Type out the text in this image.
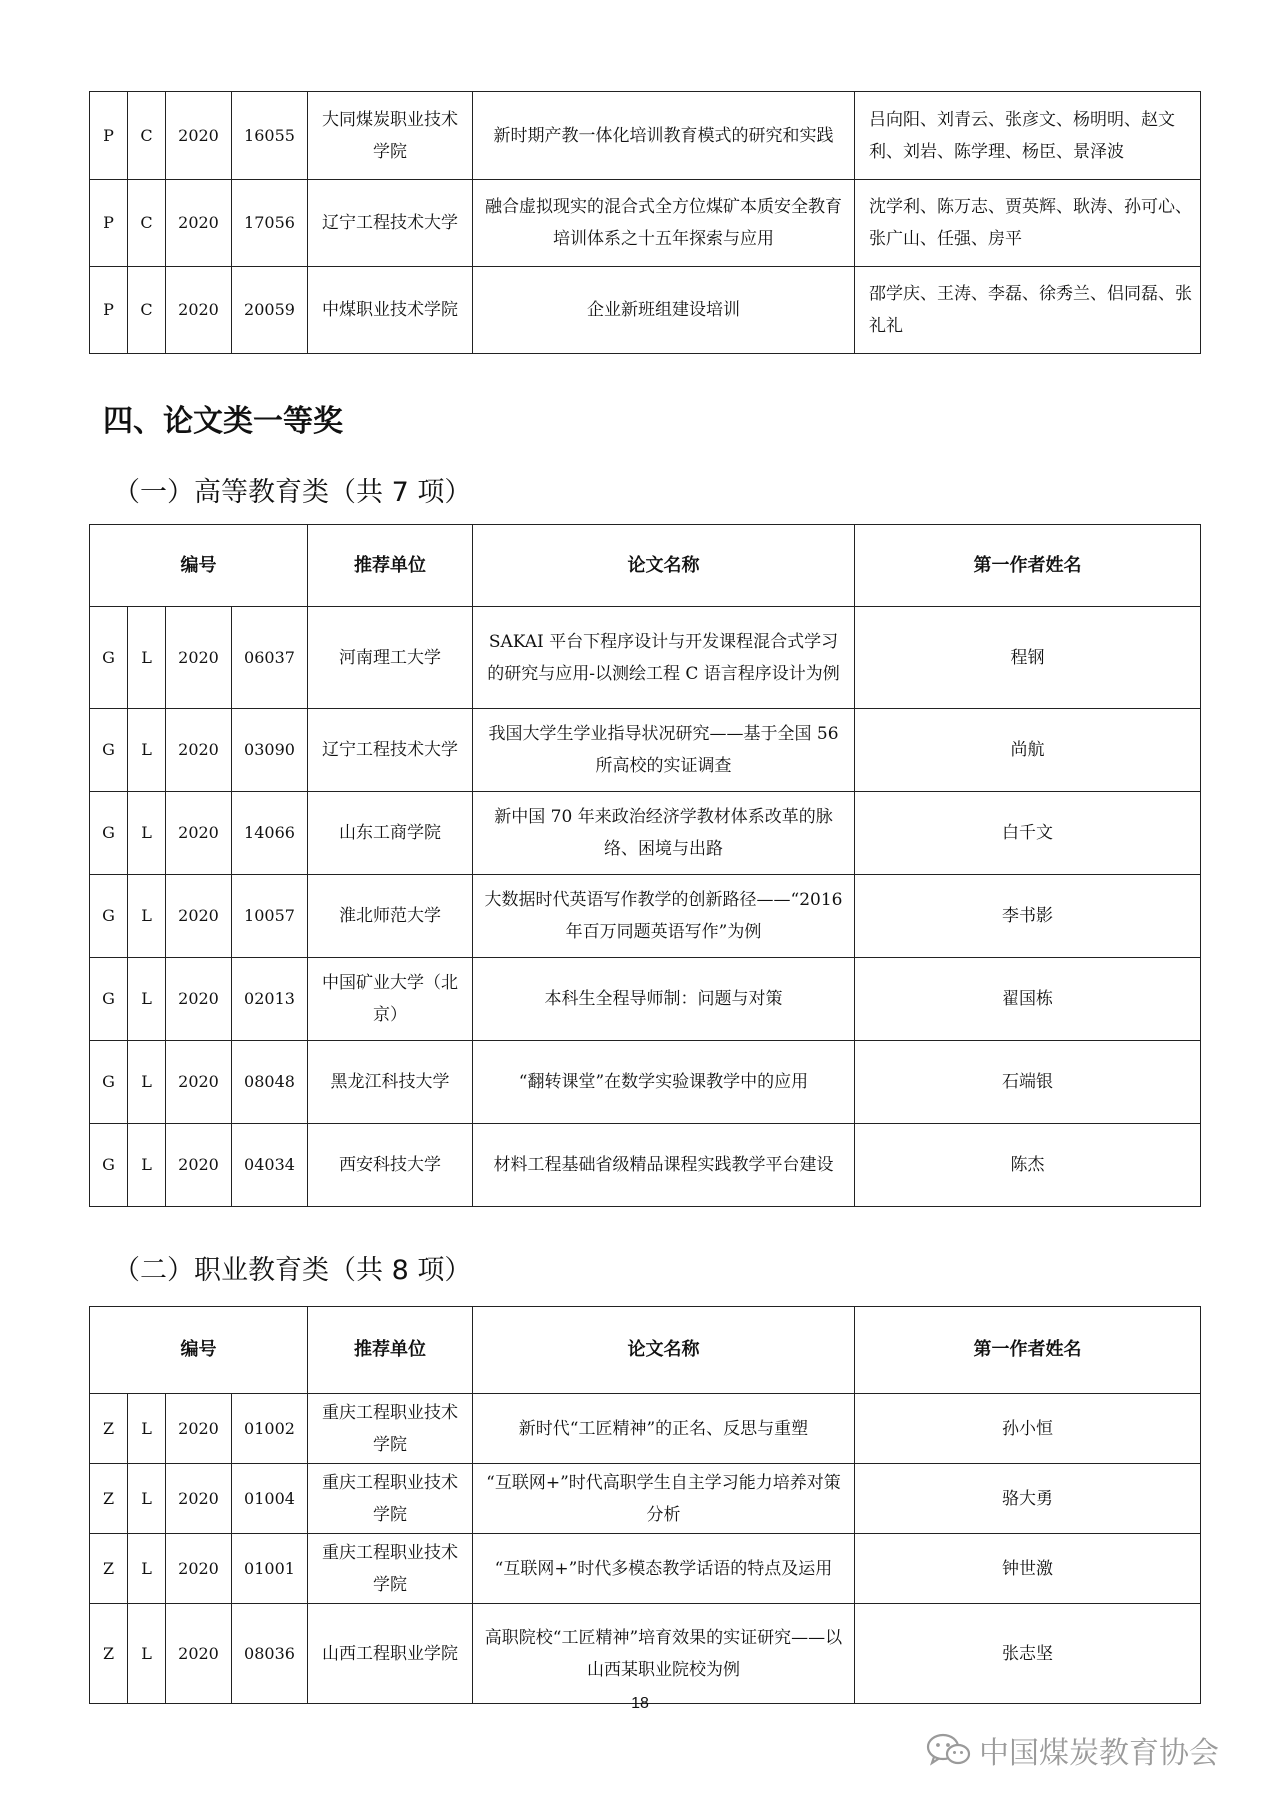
P	C	2020	16055	大同煤炭职业技术学院	新时期产教一体化培训教育模式的研究和实践	吕向阳、刘青云、张彦文、杨明明、赵文利、刘岩、陈学理、杨臣、景泽波
P	C	2020	17056	辽宁工程技术大学	融合虚拟现实的混合式全方位煤矿本质安全教育培训体系之十五年探索与应用	沈学利、陈万志、贾英辉、耿涛、孙可心、张广山、任强、房平
P	C	2020	20059	中煤职业技术学院	企业新班组建设培训	邵学庆、王涛、李磊、徐秀兰、侣同磊、张礼礼
四、论文类一等奖
（一）高等教育类（共 7 项）
编号				推荐单位	论文名称	第一作者姓名
G	L	2020	06037	河南理工大学	SAKAI 平台下程序设计与开发课程混合式学习的研究与应用-以测绘工程 C 语言程序设计为例	程钢
G	L	2020	03090	辽宁工程技术大学	我国大学生学业指导状况研究——基于全国 56 所高校的实证调查	尚航
G	L	2020	14066	山东工商学院	新中国 70 年来政治经济学教材体系改革的脉络、困境与出路	白千文
G	L	2020	10057	淮北师范大学	大数据时代英语写作教学的创新路径——“2016 年百万同题英语写作”为例	李书影
G	L	2020	02013	中国矿业大学（北京）	本科生全程导师制：问题与对策	翟国栋
G	L	2020	08048	黑龙江科技大学	“翻转课堂”在数学实验课教学中的应用	石端银
G	L	2020	04034	西安科技大学	材料工程基础省级精品课程实践教学平台建设	陈杰
（二）职业教育类（共 8 项）
编号				推荐单位	论文名称	第一作者姓名
Z	L	2020	01002	重庆工程职业技术学院	新时代“工匠精神”的正名、反思与重塑	孙小恒
Z	L	2020	01004	重庆工程职业技术学院	“互联网+”时代高职学生自主学习能力培养对策分析	骆大勇
Z	L	2020	01001	重庆工程职业技术学院	“互联网+”时代多模态教学话语的特点及运用	钟世激
Z	L	2020	08036	山西工程职业学院	高职院校“工匠精神”培育效果的实证研究——以山西某职业院校为例	张志坚
18
中国煤炭教育协会
